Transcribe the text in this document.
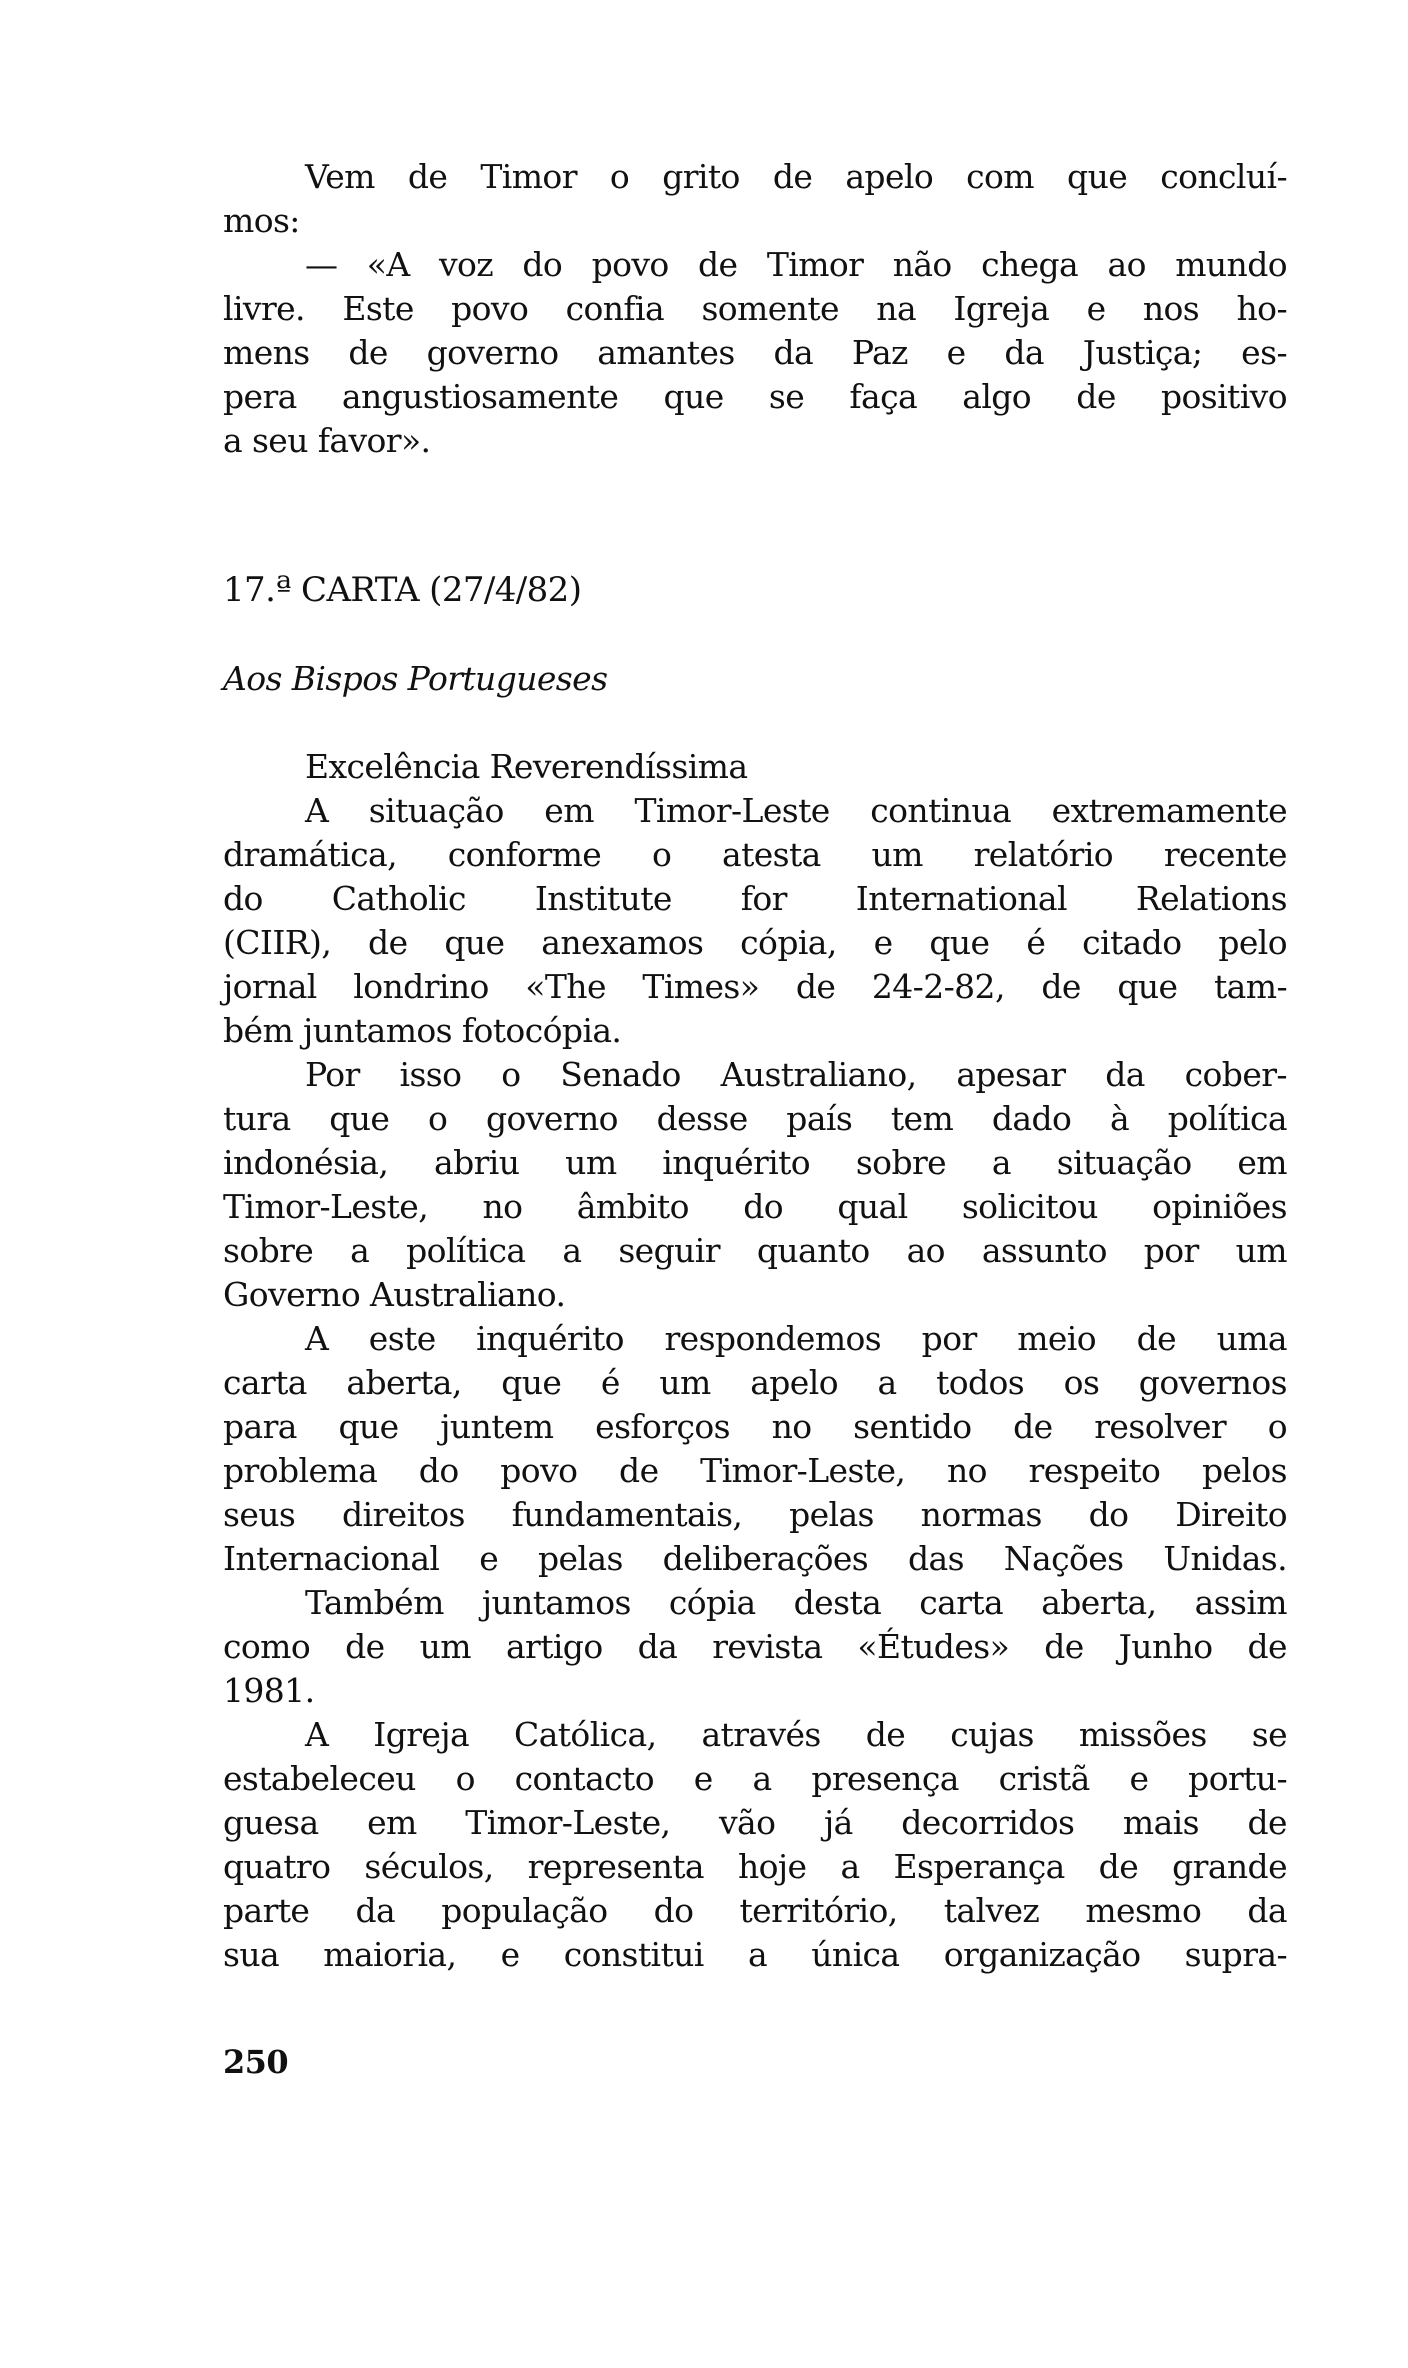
Vem de Timor o grito de apelo com que concluí-
mos:
— «A voz do povo de Timor não chega ao mundo
livre. Este povo confia somente na Igreja e nos ho-
mens de governo amantes da Paz e da Justiça; es-
pera angustiosamente que se faça algo de positivo
a seu favor».
17.ª CARTA (27/4/82)
Aos Bispos Portugueses
Excelência Reverendíssima
A situação em Timor-Leste continua extremamente
dramática, conforme o atesta um relatório recente
do Catholic Institute for International Relations
(CIIR), de que anexamos cópia, e que é citado pelo
jornal londrino «The Times» de 24-2-82, de que tam-
bém juntamos fotocópia.
Por isso o Senado Australiano, apesar da cober-
tura que o governo desse país tem dado à política
indonésia, abriu um inquérito sobre a situação em
Timor-Leste, no âmbito do qual solicitou opiniões
sobre a política a seguir quanto ao assunto por um
Governo Australiano.
A este inquérito respondemos por meio de uma
carta aberta, que é um apelo a todos os governos
para que juntem esforços no sentido de resolver o
problema do povo de Timor-Leste, no respeito pelos
seus direitos fundamentais, pelas normas do Direito
Internacional e pelas deliberações das Nações Unidas.
Também juntamos cópia desta carta aberta, assim
como de um artigo da revista «Études» de Junho de
1981.
A Igreja Católica, através de cujas missões se
estabeleceu o contacto e a presença cristã e portu-
guesa em Timor-Leste, vão já decorridos mais de
quatro séculos, representa hoje a Esperança de grande
parte da população do território, talvez mesmo da
sua maioria, e constitui a única organização supra-
250
